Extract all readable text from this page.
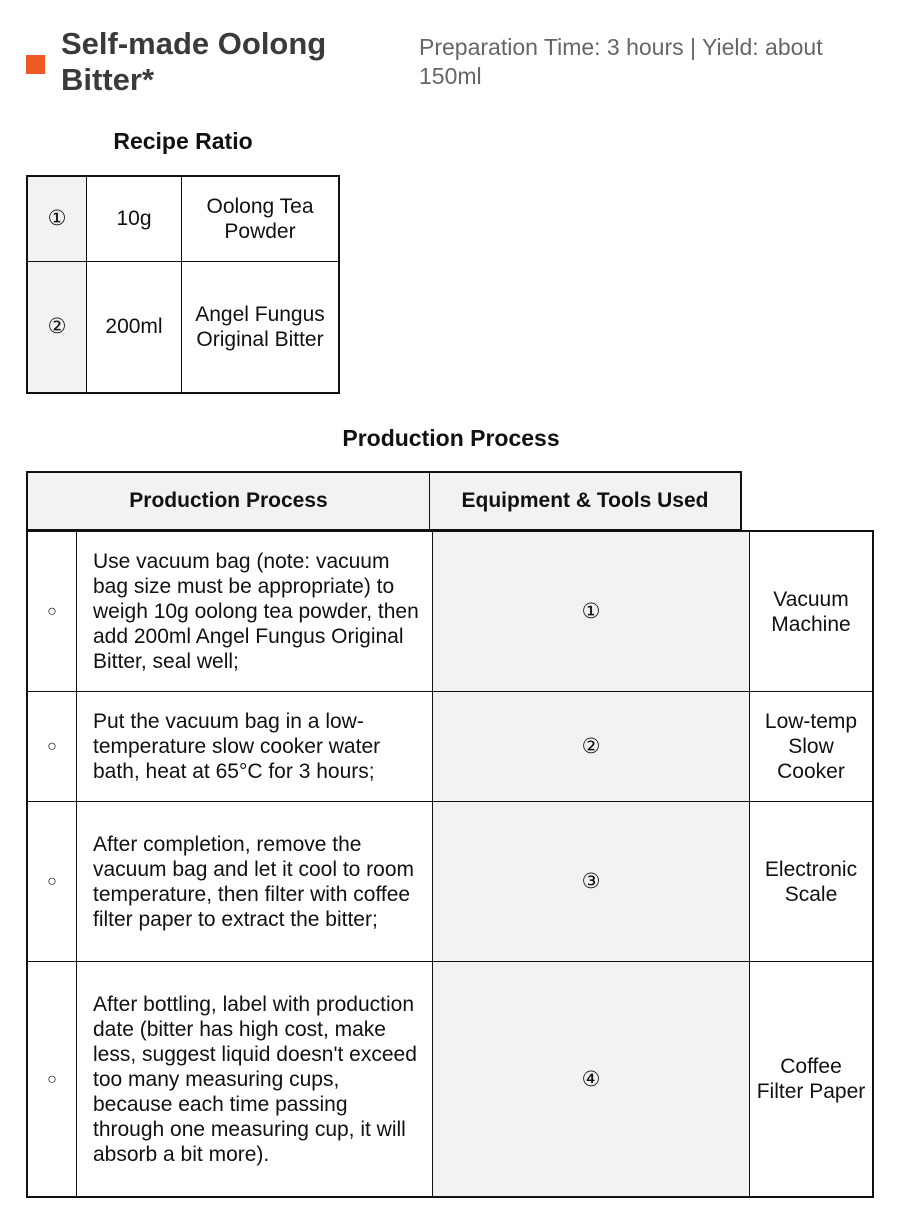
Self-made Oolong Bitter*
Preparation Time: 3 hours | Yield: about 150ml
Recipe Ratio
①	10g	Oolong Tea Powder
②	200ml	Angel Fungus Original Bitter
Production Process
Production Process	Equipment & Tools Used
○	Use vacuum bag (note: vacuum bag size must be appropriate) to weigh 10g oolong tea powder, then add 200ml Angel Fungus Original Bitter, seal well;	①	Vacuum Machine
○	Put the vacuum bag in a low-temperature slow cooker water bath, heat at 65°C for 3 hours;	②	Low-temp Slow Cooker
○	After completion, remove the vacuum bag and let it cool to room temperature, then filter with coffee filter paper to extract the bitter;	③	Electronic Scale
○	After bottling, label with production date (bitter has high cost, make less, suggest liquid doesn't exceed too many measuring cups, because each time passing through one measuring cup, it will absorb a bit more).	④	Coffee Filter Paper
